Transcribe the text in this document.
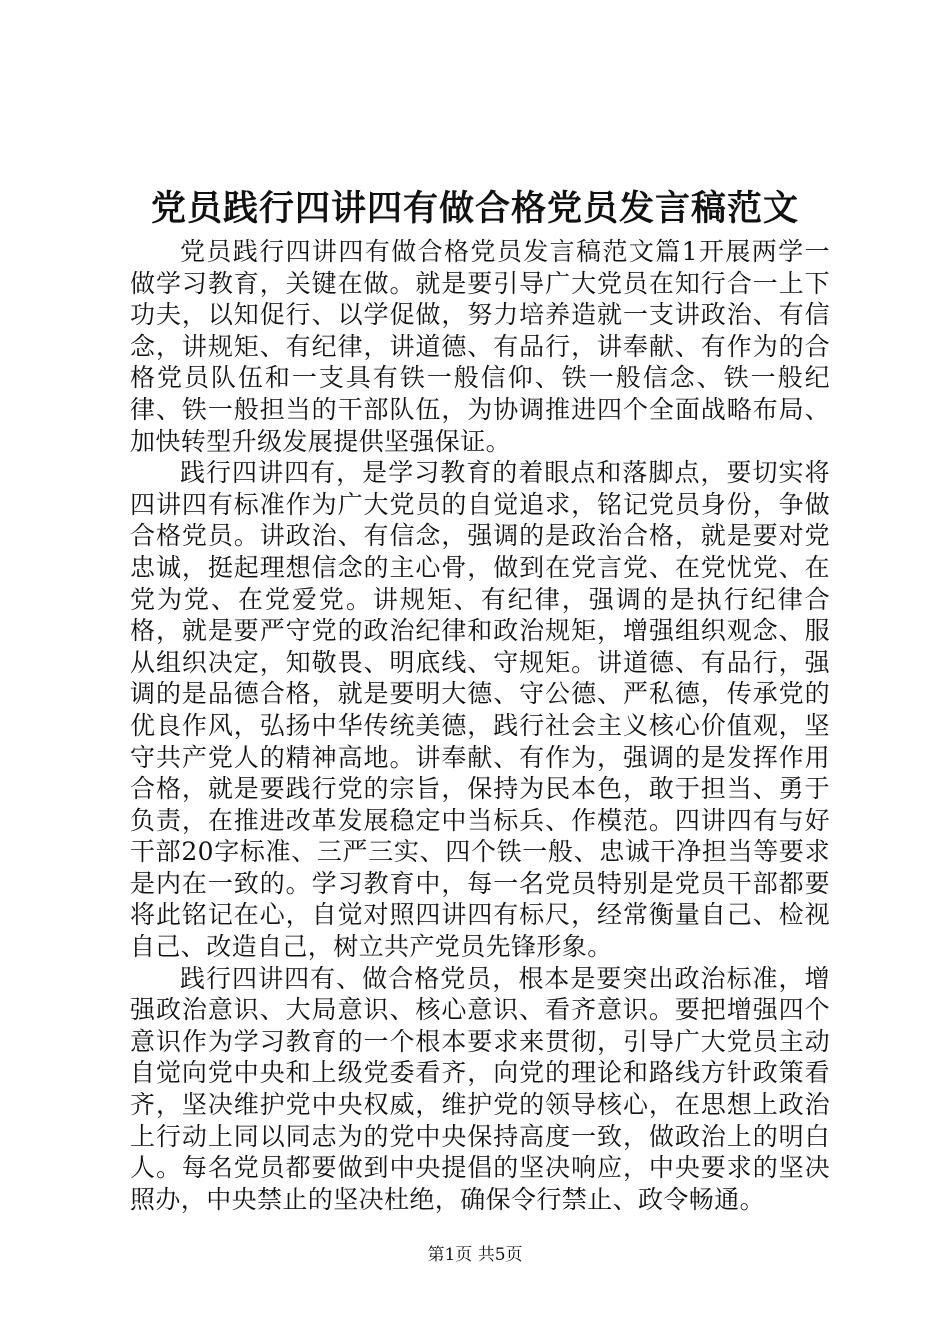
党员践行四讲四有做合格党员发言稿范文

党员践行四讲四有做合格党员发言稿范文篇1开展两学一做学习教育，关键在做。就是要引导广大党员在知行合一上下功夫，以知促行、以学促做，努力培养造就一支讲政治、有信念，讲规矩、有纪律，讲道德、有品行，讲奉献、有作为的合格党员队伍和一支具有铁一般信仰、铁一般信念、铁一般纪律、铁一般担当的干部队伍，为协调推进四个全面战略布局、加快转型升级发展提供坚强保证。

践行四讲四有，是学习教育的着眼点和落脚点，要切实将四讲四有标准作为广大党员的自觉追求，铭记党员身份，争做合格党员。讲政治、有信念，强调的是政治合格，就是要对党忠诚，挺起理想信念的主心骨，做到在党言党、在党忧党、在党为党、在党爱党。讲规矩、有纪律，强调的是执行纪律合格，就是要严守党的政治纪律和政治规矩，增强组织观念、服从组织决定，知敬畏、明底线、守规矩。讲道德、有品行，强调的是品德合格，就是要明大德、守公德、严私德，传承党的优良作风，弘扬中华传统美德，践行社会主义核心价值观，坚守共产党人的精神高地。讲奉献、有作为，强调的是发挥作用合格，就是要践行党的宗旨，保持为民本色，敢于担当、勇于负责，在推进改革发展稳定中当标兵、作模范。四讲四有与好干部20字标准、三严三实、四个铁一般、忠诚干净担当等要求是内在一致的。学习教育中，每一名党员特别是党员干部都要将此铭记在心，自觉对照四讲四有标尺，经常衡量自己、检视自己、改造自己，树立共产党员先锋形象。

践行四讲四有、做合格党员，根本是要突出政治标准，增强政治意识、大局意识、核心意识、看齐意识。要把增强四个意识作为学习教育的一个根本要求来贯彻，引导广大党员主动自觉向党中央和上级党委看齐，向党的理论和路线方针政策看齐，坚决维护党中央权威，维护党的领导核心，在思想上政治上行动上同以同志为的党中央保持高度一致，做政治上的明白人。每名党员都要做到中央提倡的坚决响应，中央要求的坚决照办，中央禁止的坚决杜绝，确保令行禁止、政令畅通。

第1页 共5页
